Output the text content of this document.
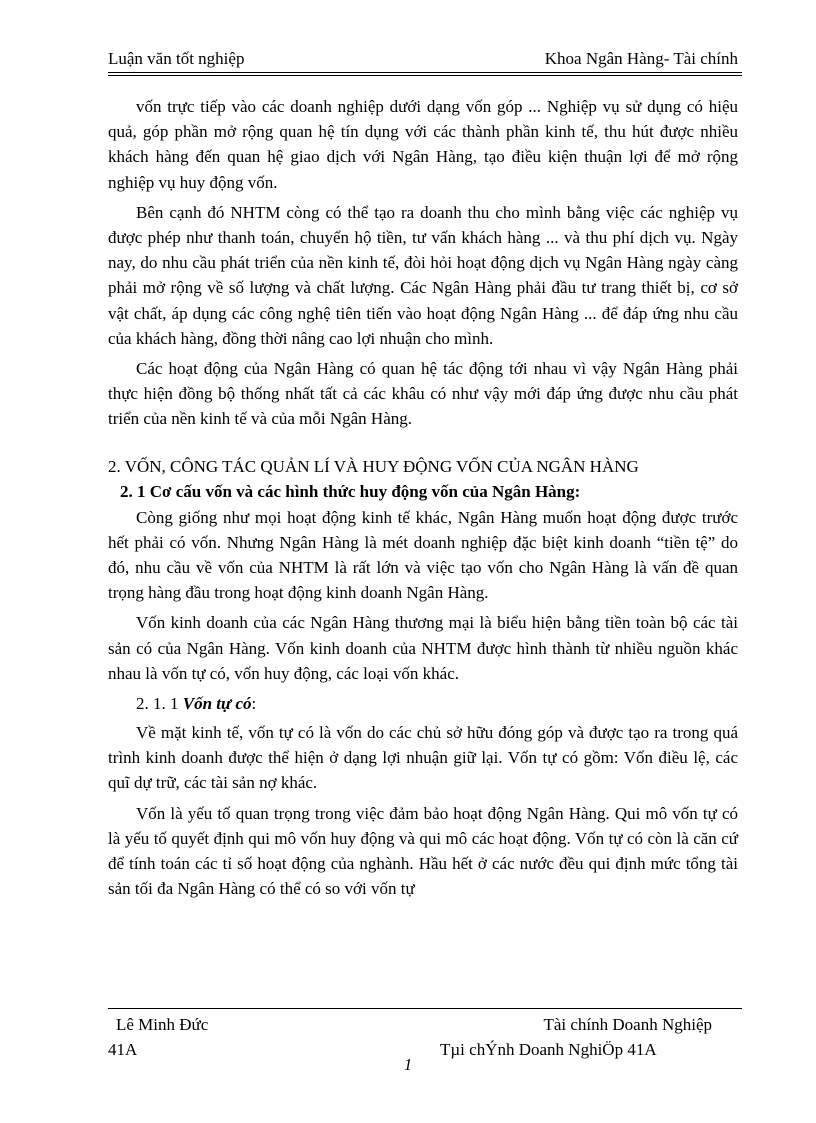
Luận văn tốt nghiệp	Khoa Ngân Hàng- Tài chính

vốn trực tiếp vào các doanh nghiệp dưới dạng vốn góp ... Nghiệp vụ sử dụng có hiệu quả, góp phần mở rộng quan hệ tín dụng với các thành phần kinh tế, thu hút được nhiều khách hàng đến quan hệ giao dịch với Ngân Hàng, tạo điều kiện thuận lợi để mở rộng nghiệp vụ huy động vốn.

Bên cạnh đó NHTM còng có thể tạo ra doanh thu cho mình bằng việc các nghiệp vụ được phép như thanh toán, chuyển hộ tiền, tư vấn khách hàng ... và thu phí dịch vụ. Ngày nay, do nhu cầu phát triển của nền kinh tế, đòi hỏi hoạt động dịch vụ Ngân Hàng ngày càng phải mở rộng về số lượng và chất lượng. Các Ngân Hàng phải đầu tư trang thiết bị, cơ sở vật chất, áp dụng các công nghệ tiên tiến vào hoạt động Ngân Hàng ... để đáp ứng nhu cầu của khách hàng, đồng thời nâng cao lợi nhuận cho mình.

Các hoạt động của Ngân Hàng có quan hệ tác động tới nhau vì vậy Ngân Hàng phải thực hiện đồng bộ thống nhất tất cả các khâu có như vậy mới đáp ứng được nhu cầu phát triển của nền kinh tế và của mỗi Ngân Hàng.

2. VỐN, CÔNG TÁC QUẢN LÍ VÀ HUY ĐỘNG VỐN CỦA NGÂN HÀNG
2. 1 Cơ cấu vốn và các hình thức huy động vốn của Ngân Hàng:

Còng giống như mọi hoạt động kinh tế khác, Ngân Hàng muốn hoạt động được trước hết phải có vốn. Nhưng Ngân Hàng là mét doanh nghiệp đặc biệt kinh doanh “tiền tệ” do đó, nhu cầu về vốn của NHTM là rất lớn và việc tạo vốn cho Ngân Hàng là vấn đề quan trọng hàng đầu trong hoạt động kinh doanh Ngân Hàng.

Vốn kinh doanh của các Ngân Hàng thương mại là biểu hiện bằng tiền toàn bộ các tài sản có của Ngân Hàng. Vốn kinh doanh của NHTM được hình thành từ nhiều nguồn khác nhau là vốn tự có, vốn huy động, các loại vốn khác.

2. 1. 1 Vốn tự có:

Về mặt kinh tế, vốn tự có là vốn do các chủ sở hữu đóng góp và được tạo ra trong quá trình kinh doanh được thể hiện ở dạng lợi nhuận giữ lại. Vốn tự có gồm: Vốn điều lệ, các quĩ dự trữ, các tài sản nợ khác.

Vốn là yếu tố quan trọng trong việc đảm bảo hoạt động Ngân Hàng. Qui mô vốn tự có là yếu tố quyết định qui mô vốn huy động và qui mô các hoạt động. Vốn tự có còn là căn cứ để tính toán các tỉ số hoạt động của nghành. Hầu hết ở các nước đều qui định mức tổng tài sản tối đa Ngân Hàng có thể có so với vốn tự

Lê Minh Đức	Tài chính Doanh Nghiệp
41A	Tµi chÝnh Doanh NghiÖp 41A
1
